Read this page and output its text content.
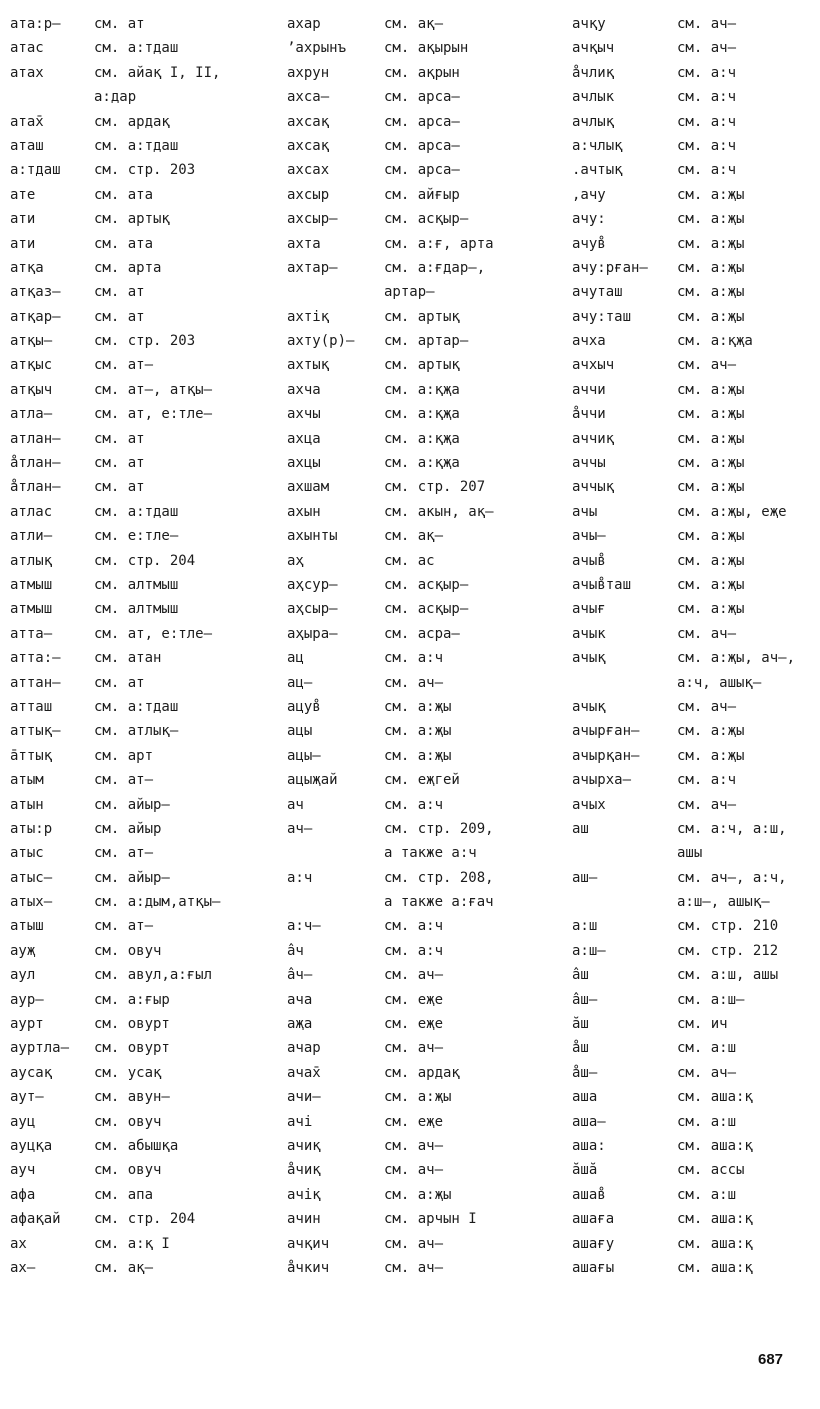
ата:р– см. ат
атас	см. а:тдаш
атах	см. айақ I, II,
а:дар
атах̄	см. ардақ
аташ	см. а:тдаш
а:тдаш см. стр. 203
ате	см. ата
ати	см. артық
ати	см. ата
атқа	см. арта
атқаз– см. ат
атқар– см. ат
атқы–	см. стр. 203
атқыс	см. ат–
атқыч	см. ат–, атқы–
атла–	см. ат, е:тле–
атлан– см. ат
а̊тлан– см. ат
а̊тлан– см. ат
атлас	см. а:тдаш
атли–	см. е:тле–
атлық	см. стр. 204
атмыш	см. алтмыш
атмыш	см. алтмыш
атта–	см. ат, е:тле–
атта:– см. атан
аттан– см. ат
атташ	см. а:тдаш
аттық– см. атлық–
а̄ттық	см. арт
атым	см. ат–
атын	см. айыр–
аты:р	см. айыр
атыс	см. ат–
атыс–	см. айыр–
атых–	см. а:дым,атқы–
атыш	см. ат–
ауҗ	см. овуч
аул	см. авул,а:ғыл
аур–	см. а:ғыр
аурт	см. овурт
ауртла– см. овурт
аусақ	см. усақ
аут–	см. авун–
ауц	см. овуч
ауцқа	см. абышқа
ауч	см. овуч
афа	см. апа
афақай см. стр. 204
ах	см. а:қ I
ах–	см. ақ–
ахар	см. ақ–
ʼахрынъ	см. ақырын
ахрун	см. ақрын
ахса–	см. арса–
ахсақ	см. арса–
ахсақ	см. арса–
ахсах	см. арса–
ахсыр	см. айғыр
ахсыр–	см. асқыр–
ахта	см. а:ғ, арта
ахтар–	см. а:ғдар–,
артар–
ахтіқ	см. артық
ахту(р)– см. артар–
ахтық	см. артық
ахча	см. а:қҗа
ахчы	см. а:қҗа
ахца	см. а:қҗа
ахцы	см. а:қҗа
ахшам	см. стр. 207
ахын	см. акын, ақ–
ахынты	см. ақ–
аҳ	см. ас
аҳсур–	см. асқыр–
аҳсыр–	см. асқыр–
аҳыра–	см. асра–
ац	см. а:ч
ац–	см. ач–
ацув̊	см. а:җы
ацы	см. а:җы
ацы–	см. а:җы
ацыҗай	см. еҗгей
ач	см. а:ч
ач–	см. стр. 209,
а также а:ч
а:ч	см. стр. 208,
а также а:ғач
а:ч–	см. а:ч
а̂ч	см. а:ч
а̂ч–	см. ач–
ача	см. еҗе
аҗа	см. еҗе
ачар	см. ач–
ачах̄	см. ардақ
ачи–	см. а:җы
ачі	см. еҗе
ачиқ	см. ач–
а̊чиқ	см. ач–
ачіқ	см. а:җы
ачин	см. арчын I
ачқич	см. ач–
а̊чкич	см. ач–
ачқу	см. ач–
ачқыч	см. ач–
а̊члиқ	см. а:ч
ачлык	см. а:ч
ачлық	см. а:ч
а:члық	см. а:ч
.ачтық	см. а:ч
,ачу	см. а:җы
ачу:	см. а:җы
ачув̊	см. а:җы
ачу:рған– см. а:җы
ачуташ	см. а:җы
ачу:таш	см. а:җы
ачха	см. а:қҗа
ачхыч	см. ач–
аччи	см. а:җы
а̊ччи	см. а:җы
аччиқ	см. а:җы
аччы	см. а:җы
аччық	см. а:җы
ачы	см. а:җы, еҗе
ачы–	см. а:җы
ачыв̊	см. а:җы
ачыв̊таш	см. а:җы
ачығ	см. а:җы
ачык	см. ач–
ачық	см. а:җы, ач–,
а:ч, ашық–
ачық	см. ач–
ачырған–	см. а:җы
ачырқан–	см. а:җы
ачырха–	см. а:ч
ачых	см. ач–
аш	см. а:ч, а:ш,
ашы
аш–	см. ач–, а:ч,
а:ш–, ашық–
а:ш	см. стр. 210
а:ш–	см. стр. 212
а̂ш	см. а:ш, ашы
а̂ш–	см. а:ш–
ӑш	см. ич
а̊ш	см. а:ш
а̊ш–	см. ач–
аша	см. аша:қ
аша–	см. а:ш
аша:	см. аша:қ
ӑшӑ	см. ассы
ашав̊	см. а:ш
ашаға	см. аша:қ
ашағу	см. аша:қ
ашағы	см. аша:қ
687
